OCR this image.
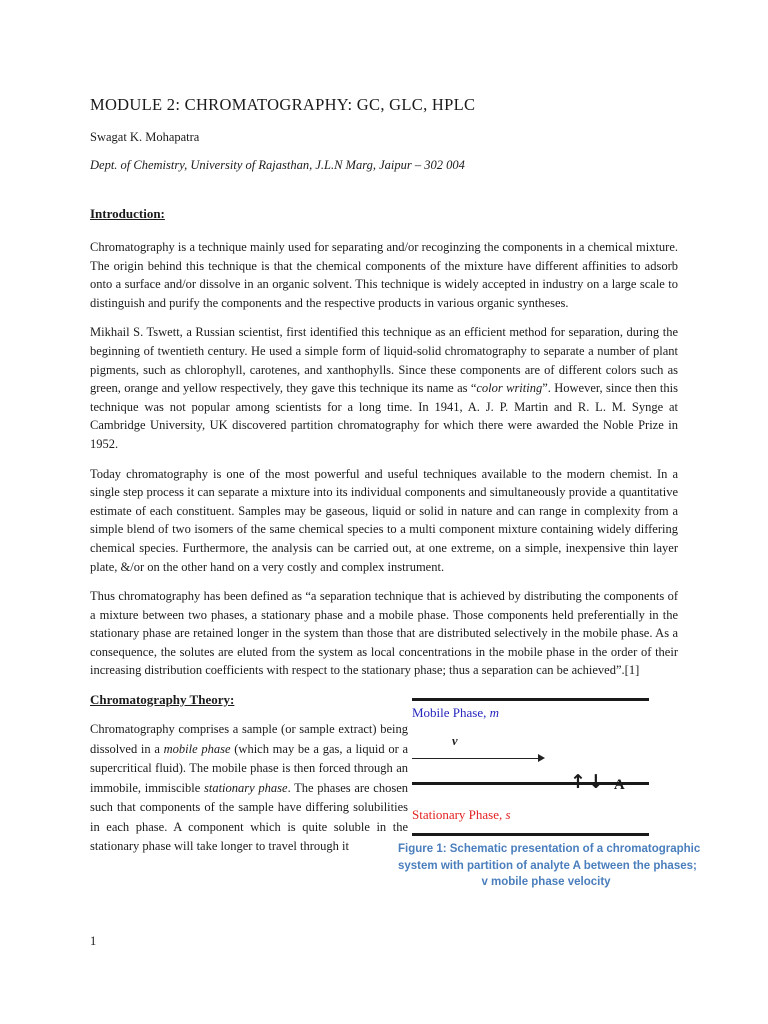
MODULE 2: CHROMATOGRAPHY: GC, GLC, HPLC

Swagat K. Mohapatra

Dept. of Chemistry, University of Rajasthan, J.L.N Marg, Jaipur – 302 004

Introduction:

Chromatography is a technique mainly used for separating and/or recoginzing the components in a chemical mixture. The origin behind this technique is that the chemical components of the mixture have different affinities to adsorb onto a surface and/or dissolve in an organic solvent. This technique is widely accepted in industry on a large scale to distinguish and purify the components and the respective products in various organic syntheses.

Mikhail S. Tswett, a Russian scientist, first identified this technique as an efficient method for separation, during the beginning of twentieth century. He used a simple form of liquid-solid chromatography to separate a number of plant pigments, such as chlorophyll, carotenes, and xanthophylls. Since these components are of different colors such as green, orange and yellow respectively, they gave this technique its name as “color writing”. However, since then this technique was not popular among scientists for a long time. In 1941, A. J. P. Martin and R. L. M. Synge at Cambridge University, UK discovered partition chromatography for which there were awarded the Noble Prize in 1952.

Today chromatography is one of the most powerful and useful techniques available to the modern chemist. In a single step process it can separate a mixture into its individual components and simultaneously provide a quantitative estimate of each constituent. Samples may be gaseous, liquid or solid in nature and can range in complexity from a simple blend of two isomers of the same chemical species to a multi component mixture containing widely differing chemical species. Furthermore, the analysis can be carried out, at one extreme, on a simple, inexpensive thin layer plate, &/or on the other hand on a very costly and complex instrument.

Thus chromatography has been defined as “a separation technique that is achieved by distributing the components of a mixture between two phases, a stationary phase and a mobile phase. Those components held preferentially in the stationary phase are retained longer in the system than those that are distributed selectively in the mobile phase. As a consequence, the solutes are eluted from the system as local concentrations in the mobile phase in the order of their increasing distribution coefficients with respect to the stationary phase; thus a separation can be achieved”.[1]

Chromatography Theory:

Chromatography comprises a sample (or sample extract) being dissolved in a mobile phase (which may be a gas, a liquid or a supercritical fluid). The mobile phase is then forced through an immobile, immiscible stationary phase. The phases are chosen such that components of the sample have differing solubilities in each phase. A component which is quite soluble in the stationary phase will take longer to travel through it

Mobile Phase, m
v
↑ ↓ A
Stationary Phase, s
Figure 1: Schematic presentation of a chromatographic
system with partition of analyte A between the phases;
v mobile phase velocity
1
